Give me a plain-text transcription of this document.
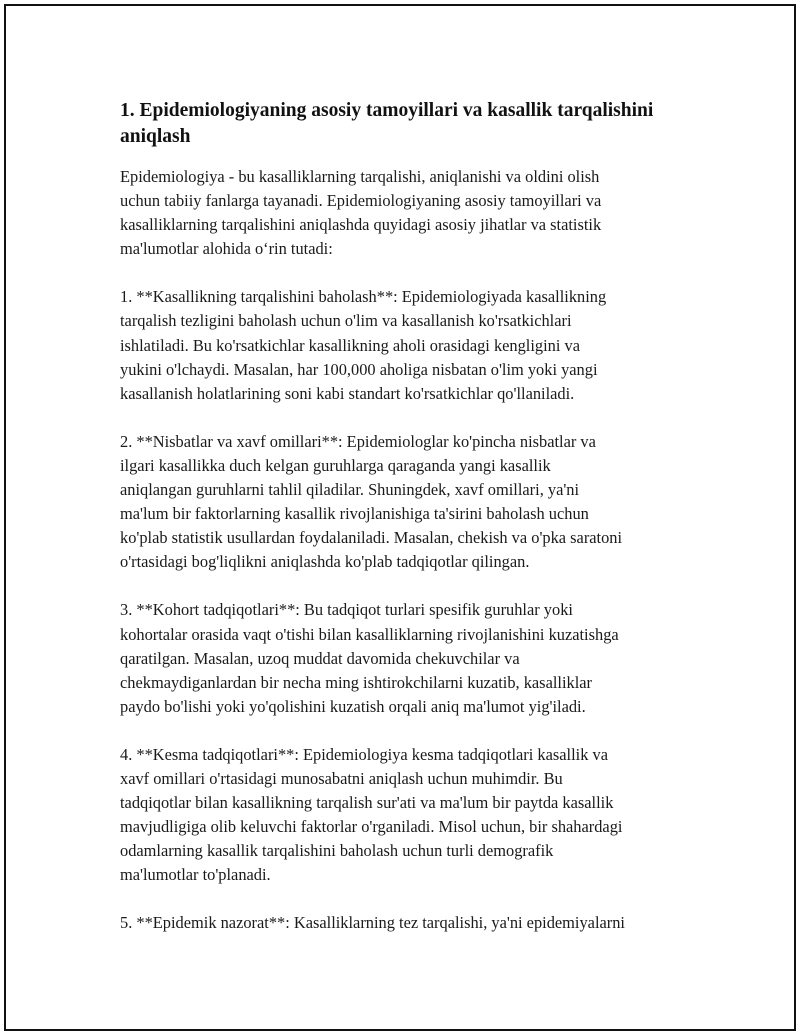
1. Epidemiologiyaning asosiy tamoyillari va kasallik tarqalishini aniqlash

Epidemiologiya - bu kasalliklarning tarqalishi, aniqlanishi va oldini olish
uchun tabiiy fanlarga tayanadi. Epidemiologiyaning asosiy tamoyillari va
kasalliklarning tarqalishini aniqlashda quyidagi asosiy jihatlar va statistik
ma'lumotlar alohida oʻrin tutadi:

1. **Kasallikning tarqalishini baholash**: Epidemiologiyada kasallikning
tarqalish tezligini baholash uchun o'lim va kasallanish ko'rsatkichlari
ishlatiladi. Bu ko'rsatkichlar kasallikning aholi orasidagi kengligini va
yukini o'lchaydi. Masalan, har 100,000 aholiga nisbatan o'lim yoki yangi
kasallanish holatlarining soni kabi standart ko'rsatkichlar qo'llaniladi.

2. **Nisbatlar va xavf omillari**: Epidemiologlar ko'pincha nisbatlar va
ilgari kasallikka duch kelgan guruhlarga qaraganda yangi kasallik
aniqlangan guruhlarni tahlil qiladilar. Shuningdek, xavf omillari, ya'ni
ma'lum bir faktorlarning kasallik rivojlanishiga ta'sirini baholash uchun
ko'plab statistik usullardan foydalaniladi. Masalan, chekish va o'pka saratoni
o'rtasidagi bog'liqlikni aniqlashda ko'plab tadqiqotlar qilingan.

3. **Kohort tadqiqotlari**: Bu tadqiqot turlari spesifik guruhlar yoki
kohortalar orasida vaqt o'tishi bilan kasalliklarning rivojlanishini kuzatishga
qaratilgan. Masalan, uzoq muddat davomida chekuvchilar va
chekmaydiganlardan bir necha ming ishtirokchilarni kuzatib, kasalliklar
paydo bo'lishi yoki yo'qolishini kuzatish orqali aniq ma'lumot yig'iladi.

4. **Kesma tadqiqotlari**: Epidemiologiya kesma tadqiqotlari kasallik va
xavf omillari o'rtasidagi munosabatni aniqlash uchun muhimdir. Bu
tadqiqotlar bilan kasallikning tarqalish sur'ati va ma'lum bir paytda kasallik
mavjudligiga olib keluvchi faktorlar o'rganiladi. Misol uchun, bir shahardagi
odamlarning kasallik tarqalishini baholash uchun turli demografik
ma'lumotlar to'planadi.

5. **Epidemik nazorat**: Kasalliklarning tez tarqalishi, ya'ni epidemiyalarni
